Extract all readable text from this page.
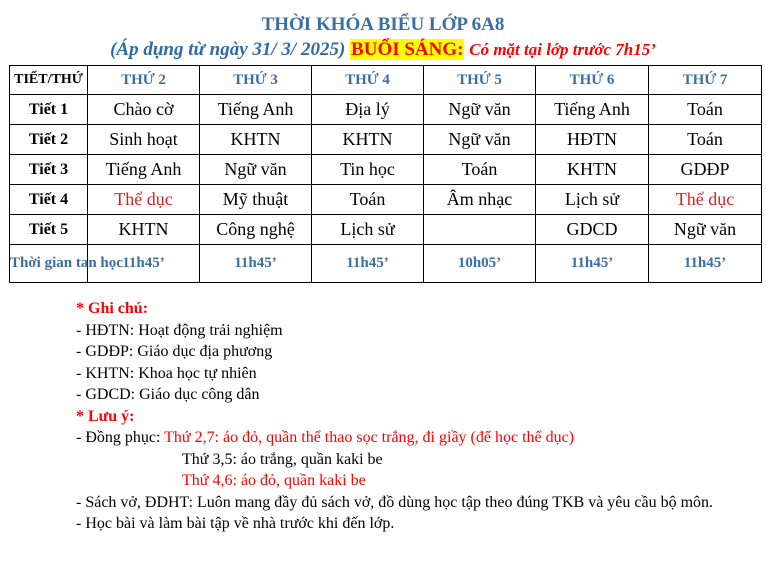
THỜI KHÓA BIỂU LỚP 6A8
(Áp dụng từ ngày 31/ 3/ 2025) BUỔI SÁNG: Có mặt tại lớp trước 7h15’
TIẾT/THỨ	THỨ 2	THỨ 3	THỨ 4	THỨ 5	THỨ 6	THỨ 7
Tiết 1	Chào cờ	Tiếng Anh	Địa lý	Ngữ văn	Tiếng Anh	Toán
Tiết 2	Sinh hoạt	KHTN	KHTN	Ngữ văn	HĐTN	Toán
Tiết 3	Tiếng Anh	Ngữ văn	Tin học	Toán	KHTN	GDĐP
Tiết 4	Thể dục	Mỹ thuật	Toán	Âm nhạc	Lịch sử	Thể dục
Tiết 5	KHTN	Công nghệ	Lịch sử		GDCD	Ngữ văn
Thời gian tan học	11h45’	11h45’	11h45’	10h05’	11h45’	11h45’
* Ghi chú:
- HĐTN: Hoạt động trải nghiệm
- GDĐP: Giáo dục địa phương
- KHTN: Khoa học tự nhiên
- GDCD: Giáo dục công dân
* Lưu ý:
- Đồng phục: Thứ 2,7: áo đỏ, quần thể thao sọc trắng, đi giầy (để học thể dục)
Thứ 3,5: áo trắng, quần kaki be
Thứ 4,6: áo đỏ, quần kaki be
- Sách vở, ĐDHT: Luôn mang đầy đủ sách vở, đồ dùng học tập theo đúng TKB và yêu cầu bộ môn.
- Học bài và làm bài tập về nhà trước khi đến lớp.
